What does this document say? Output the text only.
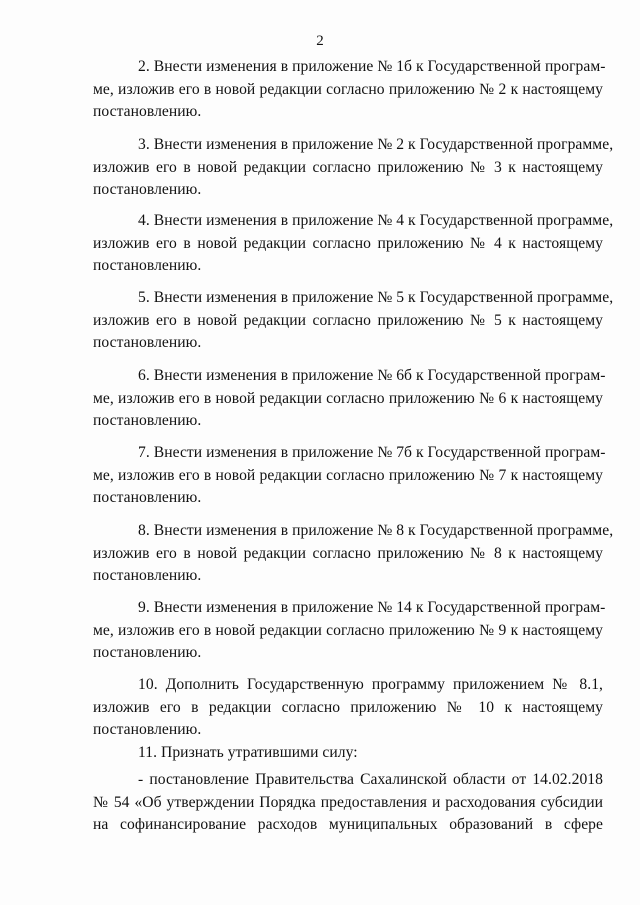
2
2. Внести изменения в приложение № 1б к Государственной програм-
ме, изложив его в новой редакции согласно приложению № 2 к настоящему
постановлению.
3. Внести изменения в приложение № 2 к Государственной программе,
изложив его в новой редакции согласно приложению № 3 к настоящему
постановлению.
4. Внести изменения в приложение № 4 к Государственной программе,
изложив его в новой редакции согласно приложению № 4 к настоящему
постановлению.
5. Внести изменения в приложение № 5 к Государственной программе,
изложив его в новой редакции согласно приложению № 5 к настоящему
постановлению.
6. Внести изменения в приложение № 6б к Государственной програм-
ме, изложив его в новой редакции согласно приложению № 6 к настоящему
постановлению.
7. Внести изменения в приложение № 7б к Государственной програм-
ме, изложив его в новой редакции согласно приложению № 7 к настоящему
постановлению.
8. Внести изменения в приложение № 8 к Государственной программе,
изложив его в новой редакции согласно приложению № 8 к настоящему
постановлению.
9. Внести изменения в приложение № 14 к Государственной програм-
ме, изложив его в новой редакции согласно приложению № 9 к настоящему
постановлению.
10. Дополнить Государственную программу приложением № 8.1,
изложив его в редакции согласно приложению № 10 к настоящему
постановлению.
11. Признать утратившими силу:
- постановление Правительства Сахалинской области от 14.02.2018
№ 54 «Об утверждении Порядка предоставления и расходования субсидии
на софинансирование расходов муниципальных образований в сфере
